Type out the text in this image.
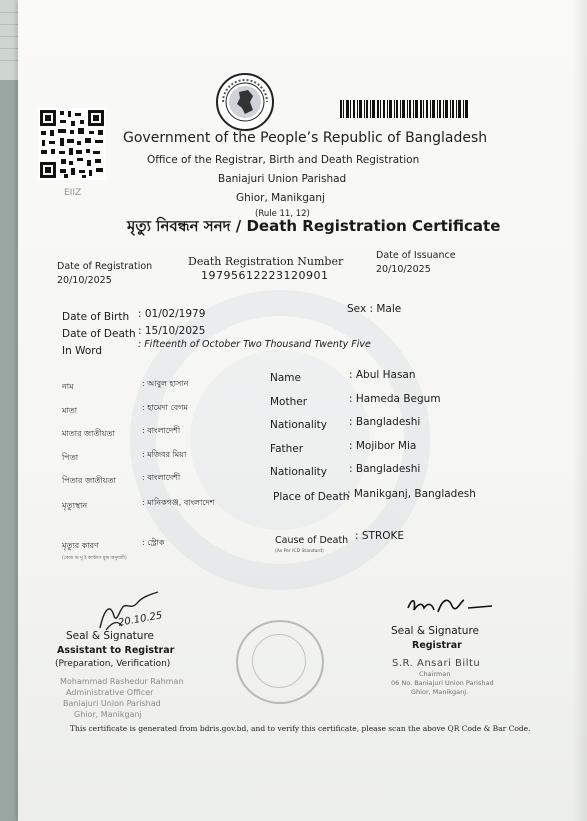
EIIZ
Government of the People’s Republic of Bangladesh
Office of the Registrar, Birth and Death Registration
Baniajuri Union Parishad
Ghior, Manikganj
(Rule 11, 12)
মৃত্যু নিবন্ধন সনদ / Death Registration Certificate
Date of Registration
20/10/2025
Death Registration Number
19795612223120901
Date of Issuance
20/10/2025
Date of Birth : 01/02/1979	Sex : Male
Date of Death : 15/10/2025
In Word
: Fifteenth of October Two Thousand Twenty Five
নাম	: আবুল হাসান
মাতা	: হামেদা বেগম
মাতার জাতীয়তা	: বাংলাদেশী
পিতা	: মজিবর মিয়া
পিতার জাতীয়তা	: বাংলাদেশী
মৃত্যুস্থান	: মানিকগঞ্জ, বাংলাদেশ
মৃত্যুর কারণ	: স্ট্রোক
(কো‌ড অ নু ই ক্যন্ট্যাগ মুন্দ্র অনু‌যায়ী)
Name	: Abul Hasan
Mother	: Hameda Begum
Nationality : Bangladeshi
Father	: Mojibor Mia
Nationality : Bangladeshi
Place of Death
: Manikganj, Bangladesh
Cause of Death : STROKE
(As Per ICD Standard)
20.10.25
Seal & Signature
Assistant to Registrar
(Preparation, Verification)
Mohammad Rashedur Rahman
Administrative Officer
Baniajuri Union Parishad
Ghior, Manikganj
Seal & Signature
Registrar
S.R. Ansari Biltu
Chairman
06 No. Baniajuri Union Parishad
Ghior, Manikganj.
This certificate is generated from bdris.gov.bd, and to verify this certificate, please scan the above QR Code & Bar Code.
